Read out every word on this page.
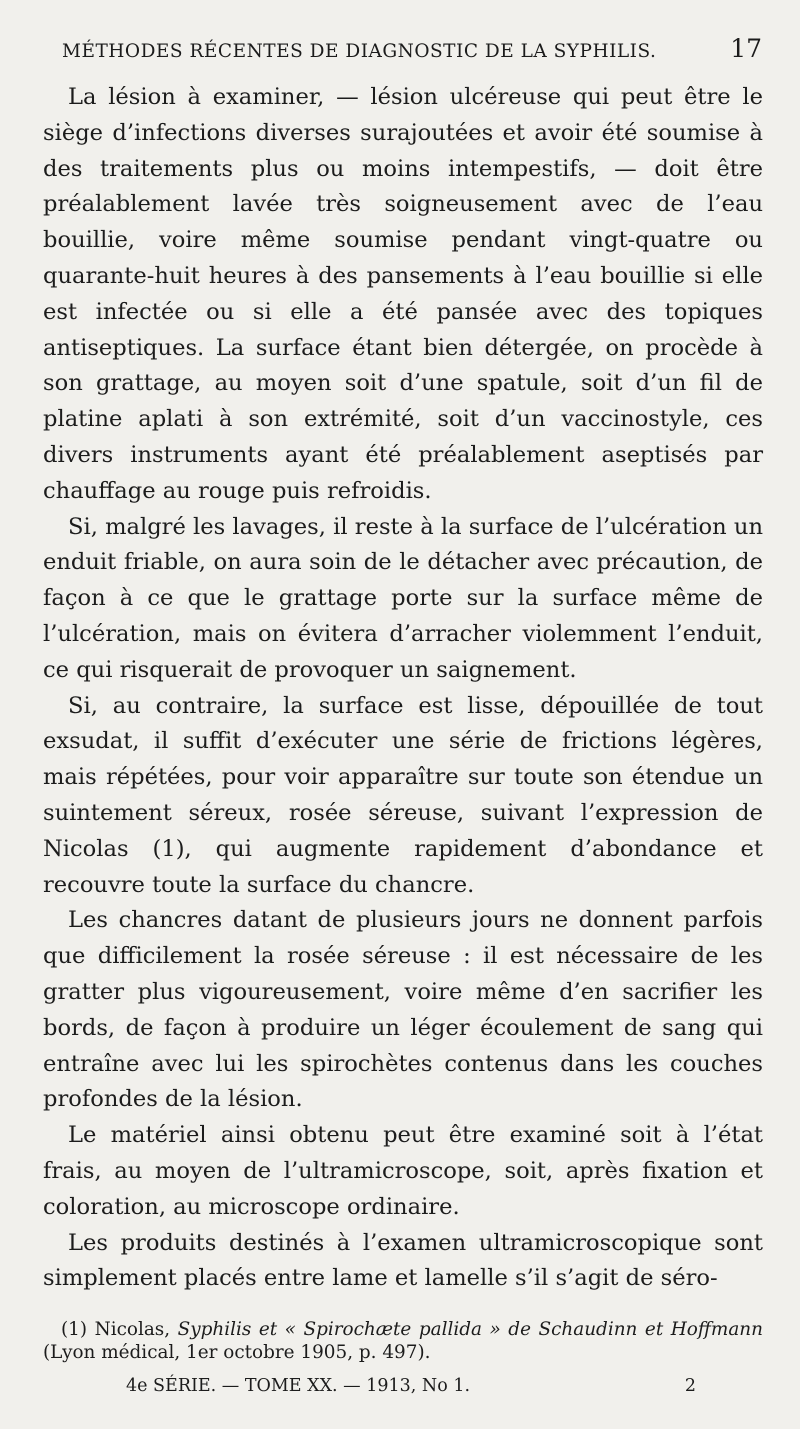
MÉTHODES RÉCENTES DE DIAGNOSTIC DE LA SYPHILIS.	17

La lésion à examiner, — lésion ulcéreuse qui peut être le siège d’infections diverses surajoutées et avoir été soumise à des traitements plus ou moins intempestifs, — doit être préalablement lavée très soigneusement avec de l’eau bouillie, voire même soumise pendant vingt-quatre ou quarante-huit heures à des pansements à l’eau bouillie si elle est infectée ou si elle a été pansée avec des topiques antiseptiques. La surface étant bien détergée, on procède à son grattage, au moyen soit d’une spatule, soit d’un fil de platine aplati à son extrémité, soit d’un vaccinostyle, ces divers instruments ayant été préalablement aseptisés par chauffage au rouge puis refroidis.

Si, malgré les lavages, il reste à la surface de l’ulcération un enduit friable, on aura soin de le détacher avec précaution, de façon à ce que le grattage porte sur la surface même de l’ulcération, mais on évitera d’arracher violemment l’enduit, ce qui risquerait de provoquer un saignement.

Si, au contraire, la surface est lisse, dépouillée de tout exsudat, il suffit d’exécuter une série de frictions légères, mais répétées, pour voir apparaître sur toute son étendue un suintement séreux, rosée séreuse, suivant l’expression de Nicolas (1), qui augmente rapidement d’abondance et recouvre toute la surface du chancre.

Les chancres datant de plusieurs jours ne donnent parfois que difficilement la rosée séreuse : il est nécessaire de les gratter plus vigoureusement, voire même d’en sacrifier les bords, de façon à produire un léger écoulement de sang qui entraîne avec lui les spirochètes contenus dans les couches profondes de la lésion.

Le matériel ainsi obtenu peut être examiné soit à l’état frais, au moyen de l’ultramicroscope, soit, après fixation et coloration, au microscope ordinaire.

Les produits destinés à l’examen ultramicroscopique sont simplement placés entre lame et lamelle s’il s’agit de séro-

(1) Nicolas, Syphilis et « Spirochæte pallida » de Schaudinn et Hoffmann (Lyon médical, 1er octobre 1905, p. 497).

4e SÉRIE. — TOME XX. — 1913, No 1.	2
